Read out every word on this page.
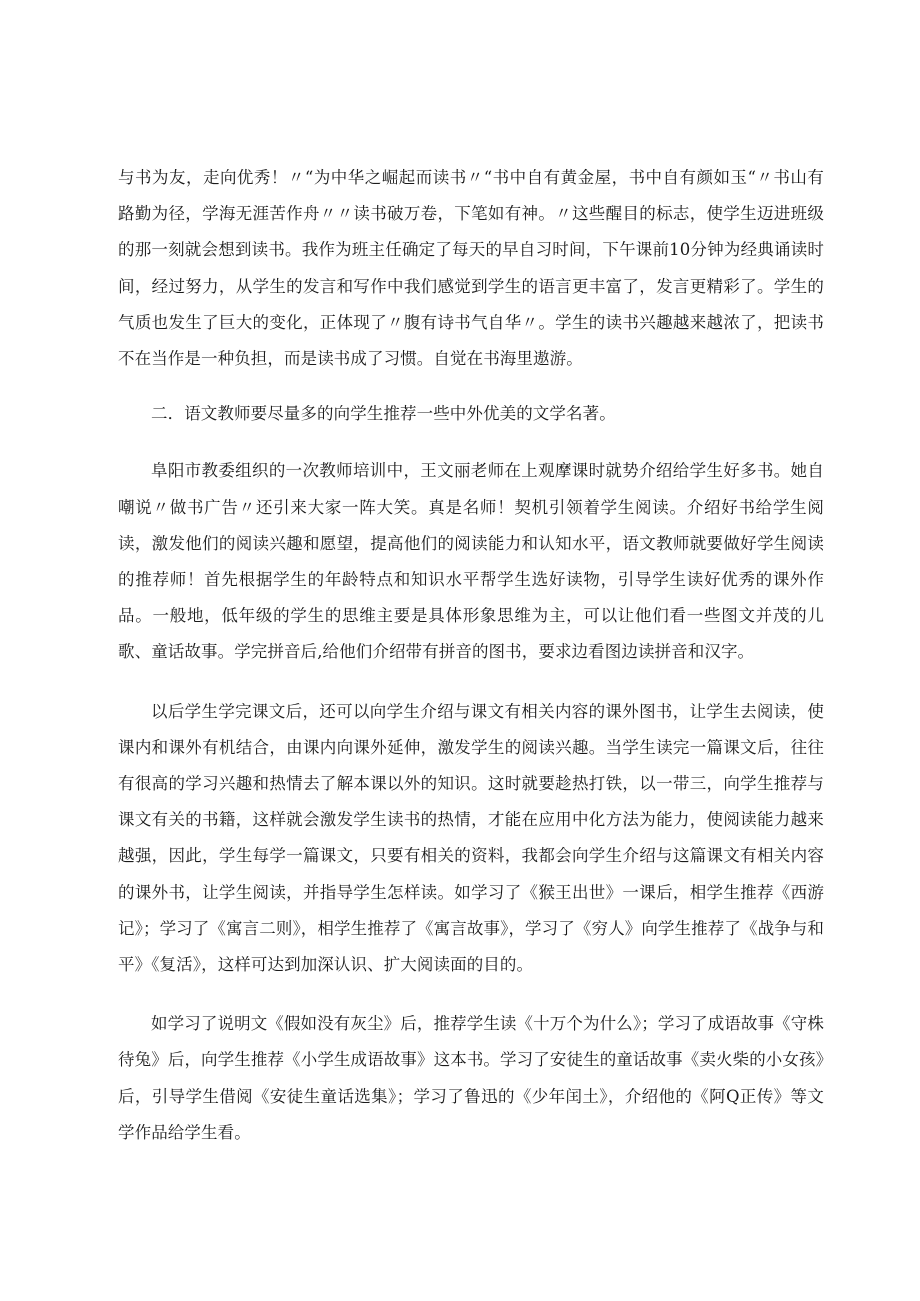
与书为友，走向优秀！〃“为中华之崛起而读书〃“书中自有黄金屋，书中自有颜如玉“〃书山有路勤为径，学海无涯苦作舟〃〃读书破万卷，下笔如有神。〃这些醒目的标志，使学生迈进班级的那一刻就会想到读书。我作为班主任确定了每天的早自习时间，下午课前10分钟为经典诵读时间，经过努力，从学生的发言和写作中我们感觉到学生的语言更丰富了，发言更精彩了。学生的气质也发生了巨大的变化，正体现了〃腹有诗书气自华〃。学生的读书兴趣越来越浓了，把读书不在当作是一种负担，而是读书成了习惯。自觉在书海里遨游。

二．语文教师要尽量多的向学生推荐一些中外优美的文学名著。

阜阳市教委组织的一次教师培训中，王文丽老师在上观摩课时就势介绍给学生好多书。她自嘲说〃做书广告〃还引来大家一阵大笑。真是名师！契机引领着学生阅读。介绍好书给学生阅读，激发他们的阅读兴趣和愿望，提高他们的阅读能力和认知水平，语文教师就要做好学生阅读的推荐师！首先根据学生的年龄特点和知识水平帮学生选好读物，引导学生读好优秀的课外作品。一般地，低年级的学生的思维主要是具体形象思维为主，可以让他们看一些图文并茂的儿歌、童话故事。学完拼音后,给他们介绍带有拼音的图书，要求边看图边读拼音和汉字。

以后学生学完课文后，还可以向学生介绍与课文有相关内容的课外图书，让学生去阅读，使课内和课外有机结合，由课内向课外延伸，激发学生的阅读兴趣。当学生读完一篇课文后，往往有很高的学习兴趣和热情去了解本课以外的知识。这时就要趁热打铁，以一带三，向学生推荐与课文有关的书籍，这样就会激发学生读书的热情，才能在应用中化方法为能力，使阅读能力越来越强，因此，学生每学一篇课文，只要有相关的资料，我都会向学生介绍与这篇课文有相关内容的课外书，让学生阅读，并指导学生怎样读。如学习了《猴王出世》一课后，相学生推荐《西游记》；学习了《寓言二则》，相学生推荐了《寓言故事》，学习了《穷人》向学生推荐了《战争与和平》《复活》，这样可达到加深认识、扩大阅读面的目的。

如学习了说明文《假如没有灰尘》后，推荐学生读《十万个为什么》；学习了成语故事《守株待兔》后，向学生推荐《小学生成语故事》这本书。学习了安徒生的童话故事《卖火柴的小女孩》后，引导学生借阅《安徒生童话选集》；学习了鲁迅的《少年闰土》，介绍他的《阿Q正传》等文学作品给学生看。
